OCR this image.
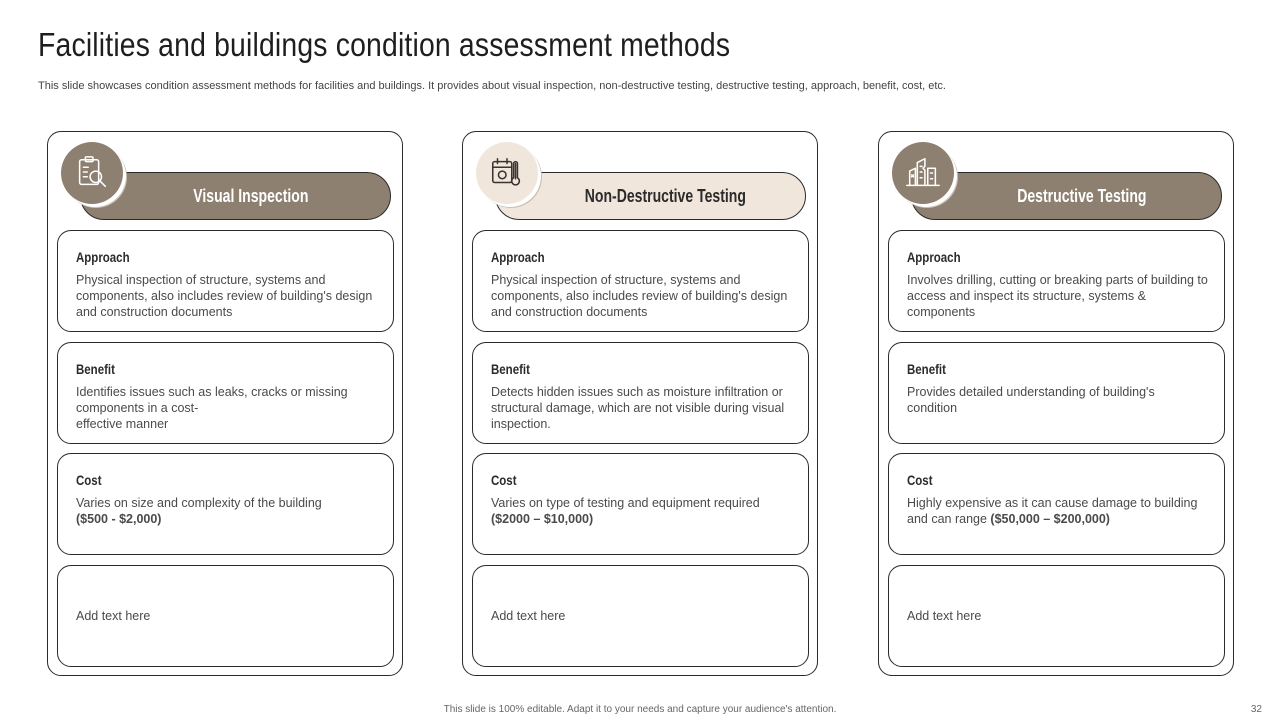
Facilities and buildings condition assessment methods
This slide showcases condition assessment methods for facilities and buildings. It provides about visual inspection, non-destructive testing, destructive testing, approach, benefit, cost, etc.
Visual Inspection
Approach
Physical inspection of structure, systems and components, also includes review of building's design and construction documents
Benefit
Identifies issues such as leaks, cracks or missing components in a cost-
effective manner
Cost
Varies on size and complexity of the building
($500 - $2,000)
Add text here
Non-Destructive Testing
Approach
Physical inspection of structure, systems and components, also includes review of building's design and construction documents
Benefit
Detects hidden issues such as moisture infiltration or structural damage, which are not visible during visual inspection.
Cost
Varies on type of testing and equipment required
($2000 – $10,000)
Add text here
Destructive Testing
Approach
Involves drilling, cutting or breaking parts of building to access and inspect its structure, systems & components
Benefit
Provides detailed understanding of building's condition
Cost
Highly expensive as it can cause damage to building and can range ($50,000 – $200,000)
Add text here
This slide is 100% editable. Adapt it to your needs and capture your audience's attention.	32
